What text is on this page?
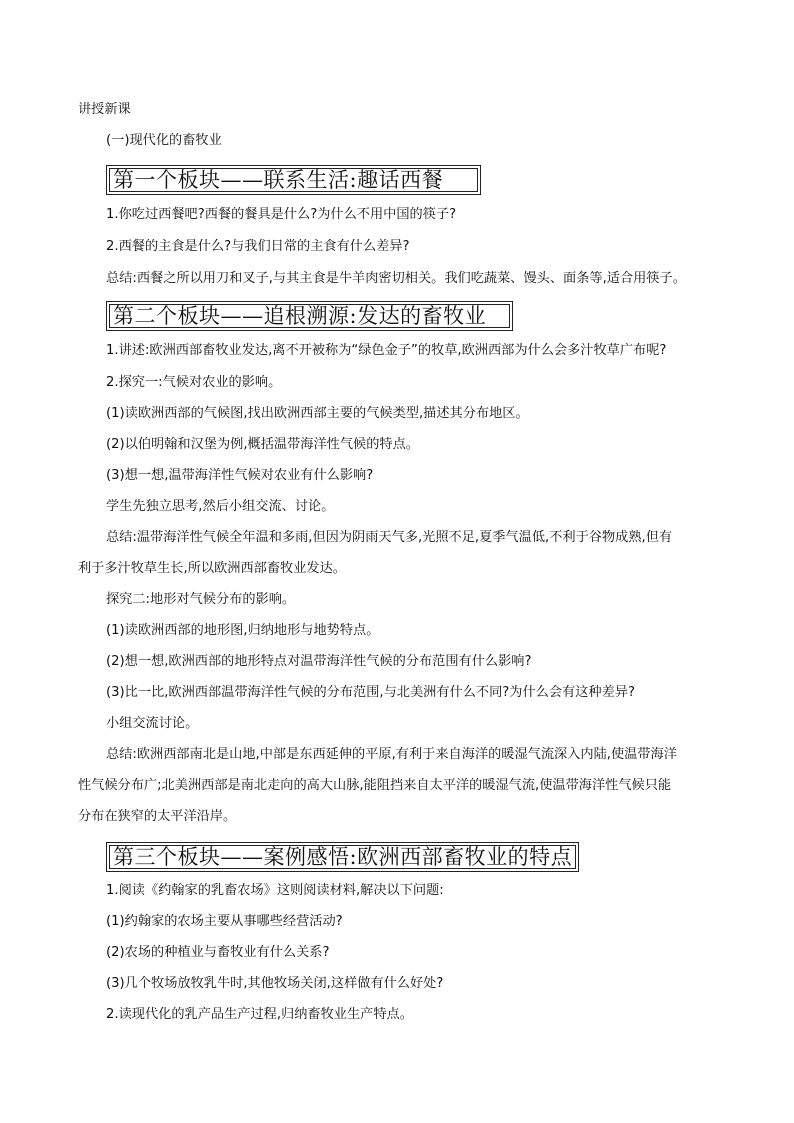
讲授新课
(一)现代化的畜牧业
第一个板块——联系生活:趣话西餐
1.你吃过西餐吧?西餐的餐具是什么?为什么不用中国的筷子?
2.西餐的主食是什么?与我们日常的主食有什么差异?
总结:西餐之所以用刀和叉子,与其主食是牛羊肉密切相关。我们吃蔬菜、馒头、面条等,适合用筷子。
第二个板块——追根溯源:发达的畜牧业
1.讲述:欧洲西部畜牧业发达,离不开被称为“绿色金子”的牧草,欧洲西部为什么会多汁牧草广布呢?
2.探究一:气候对农业的影响。
(1)读欧洲西部的气候图,找出欧洲西部主要的气候类型,描述其分布地区。
(2)以伯明翰和汉堡为例,概括温带海洋性气候的特点。
(3)想一想,温带海洋性气候对农业有什么影响?
学生先独立思考,然后小组交流、讨论。
总结:温带海洋性气候全年温和多雨,但因为阴雨天气多,光照不足,夏季气温低,不利于谷物成熟,但有
利于多汁牧草生长,所以欧洲西部畜牧业发达。
探究二:地形对气候分布的影响。
(1)读欧洲西部的地形图,归纳地形与地势特点。
(2)想一想,欧洲西部的地形特点对温带海洋性气候的分布范围有什么影响?
(3)比一比,欧洲西部温带海洋性气候的分布范围,与北美洲有什么不同?为什么会有这种差异?
小组交流讨论。
总结:欧洲西部南北是山地,中部是东西延伸的平原,有利于来自海洋的暖湿气流深入内陆,使温带海洋
性气候分布广;北美洲西部是南北走向的高大山脉,能阻挡来自太平洋的暖湿气流,使温带海洋性气候只能
分布在狭窄的太平洋沿岸。
第三个板块——案例感悟:欧洲西部畜牧业的特点
1.阅读《约翰家的乳畜农场》这则阅读材料,解决以下问题:
(1)约翰家的农场主要从事哪些经营活动?
(2)农场的种植业与畜牧业有什么关系?
(3)几个牧场放牧乳牛时,其他牧场关闭,这样做有什么好处?
2.读现代化的乳产品生产过程,归纳畜牧业生产特点。
